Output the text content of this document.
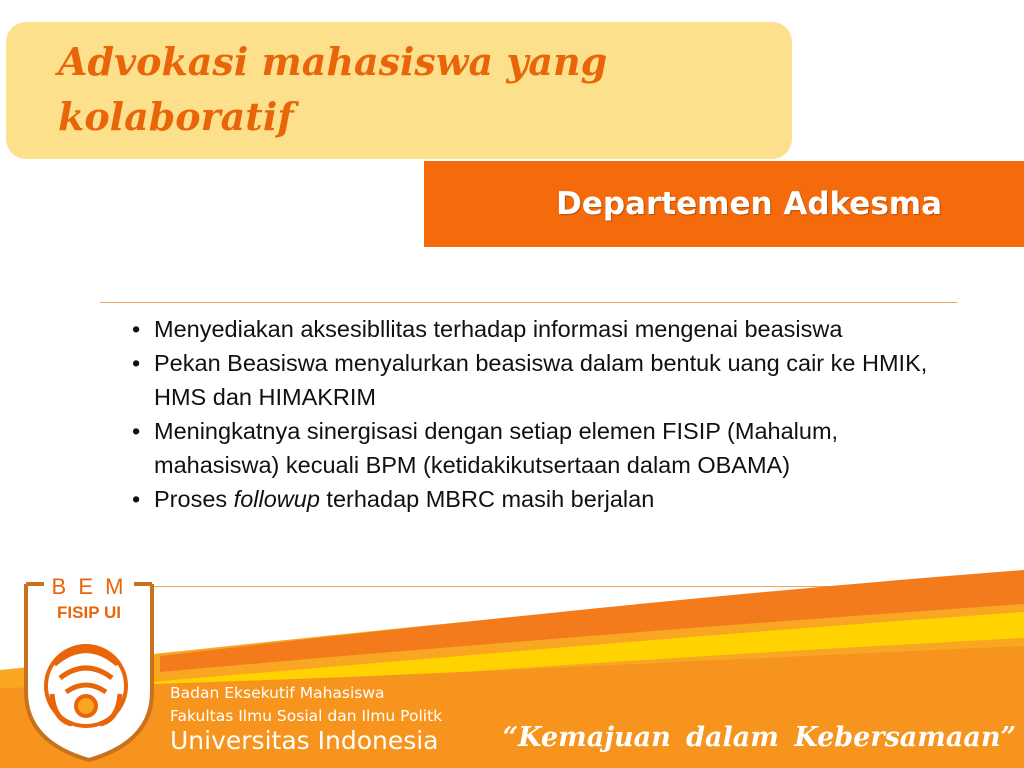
Advokasi mahasiswa yang
kolaboratif
Departemen Adkesma
• Menyediakan aksesibllitas terhadap informasi mengenai beasiswa
• Pekan Beasiswa menyalurkan beasiswa dalam bentuk uang cair ke HMIK, HMS dan HIMAKRIM
• Meningkatnya sinergisasi dengan setiap elemen FISIP (Mahalum, mahasiswa) kecuali BPM (ketidakikutsertaan dalam OBAMA)
• Proses followup terhadap MBRC masih berjalan
B E M
FISIP UI
Badan Eksekutif Mahasiswa
Fakultas Ilmu Sosial dan Ilmu Politk
Universitas Indonesia “Kemajuan dalam Kebersamaan”
